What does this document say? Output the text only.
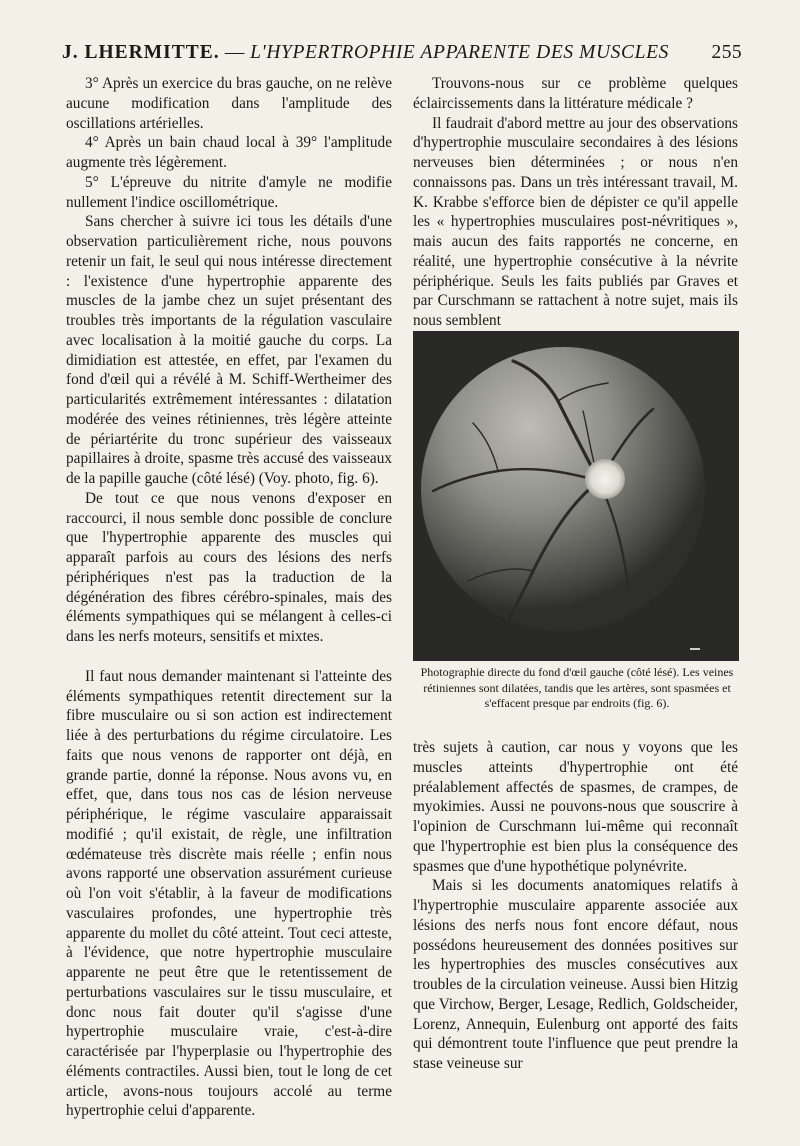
J. LHERMITTE. — L'HYPERTROPHIE APPARENTE DES MUSCLES 255

3° Après un exercice du bras gauche, on ne relève aucune modification dans l'amplitude des oscillations artérielles.

4° Après un bain chaud local à 39° l'amplitude augmente très légèrement.

5° L'épreuve du nitrite d'amyle ne modifie nullement l'indice oscillométrique.

Sans chercher à suivre ici tous les détails d'une observation particulièrement riche, nous pouvons retenir un fait, le seul qui nous intéresse directement : l'existence d'une hypertrophie apparente des muscles de la jambe chez un sujet présentant des troubles très importants de la régulation vasculaire avec localisation à la moitié gauche du corps. La dimidiation est attestée, en effet, par l'examen du fond d'œil qui a révélé à M. Schiff-Wertheimer des particularités extrêmement intéressantes : dilatation modérée des veines rétiniennes, très légère atteinte de périartérite du tronc supérieur des vaisseaux papillaires à droite, spasme très accusé des vaisseaux de la papille gauche (côté lésé) (Voy. photo, fig. 6).

De tout ce que nous venons d'exposer en raccourci, il nous semble donc possible de conclure que l'hypertrophie apparente des muscles qui apparaît parfois au cours des lésions des nerfs périphériques n'est pas la traduction de la dégénération des fibres cérébro-spinales, mais des éléments sympathiques qui se mélangent à celles-ci dans les nerfs moteurs, sensitifs et mixtes.

Il faut nous demander maintenant si l'atteinte des éléments sympathiques retentit directement sur la fibre musculaire ou si son action est indirectement liée à des perturbations du régime circulatoire. Les faits que nous venons de rapporter ont déjà, en grande partie, donné la réponse. Nous avons vu, en effet, que, dans tous nos cas de lésion nerveuse périphérique, le régime vasculaire apparaissait modifié ; qu'il existait, de règle, une infiltration œdémateuse très discrète mais réelle ; enfin nous avons rapporté une observation assurément curieuse où l'on voit s'établir, à la faveur de modifications vasculaires profondes, une hypertrophie très apparente du mollet du côté atteint. Tout ceci atteste, à l'évidence, que notre hypertrophie musculaire apparente ne peut être que le retentissement de perturbations vasculaires sur le tissu musculaire, et donc nous fait douter qu'il s'agisse d'une hypertrophie musculaire vraie, c'est-à-dire caractérisée par l'hyperplasie ou l'hypertrophie des éléments contractiles. Aussi bien, tout le long de cet article, avons-nous toujours accolé au terme hypertrophie celui d'apparente.

Trouvons-nous sur ce problème quelques éclaircissements dans la littérature médicale ?

Il faudrait d'abord mettre au jour des observations d'hypertrophie musculaire secondaires à des lésions nerveuses bien déterminées ; or nous n'en connaissons pas. Dans un très intéressant travail, M. K. Krabbe s'efforce bien de dépister ce qu'il appelle les « hypertrophies musculaires post-névritiques », mais aucun des faits rapportés ne concerne, en réalité, une hypertrophie consécutive à la névrite périphérique. Seuls les faits publiés par Graves et par Curschmann se rattachent à notre sujet, mais ils nous semblent

Photographie directe du fond d'œil gauche (côté lésé). Les veines rétiniennes sont dilatées, tandis que les artères, sont spasmées et s'effacent presque par endroits (fig. 6).

très sujets à caution, car nous y voyons que les muscles atteints d'hypertrophie ont été préalablement affectés de spasmes, de crampes, de myokimies. Aussi ne pouvons-nous que souscrire à l'opinion de Curschmann lui-même qui reconnaît que l'hypertrophie est bien plus la conséquence des spasmes que d'une hypothétique polynévrite.

Mais si les documents anatomiques relatifs à l'hypertrophie musculaire apparente associée aux lésions des nerfs nous font encore défaut, nous possédons heureusement des données positives sur les hypertrophies des muscles consécutives aux troubles de la circulation veineuse. Aussi bien Hitzig que Virchow, Berger, Lesage, Redlich, Goldscheider, Lorenz, Annequin, Eulenburg ont apporté des faits qui démontrent toute l'influence que peut prendre la stase veineuse sur
